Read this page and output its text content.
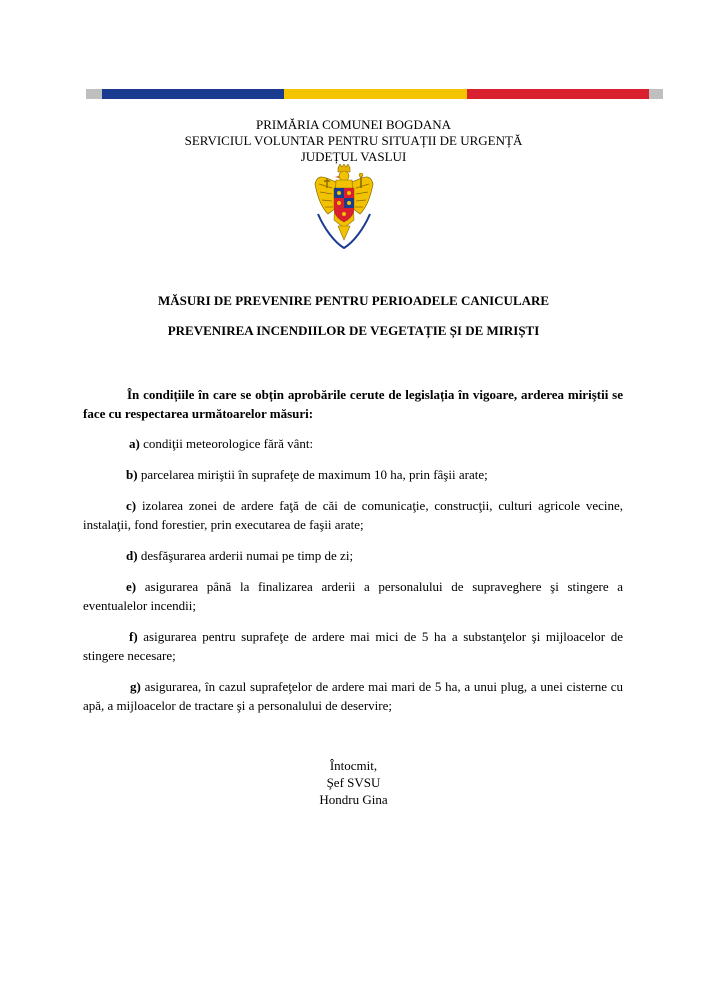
PRIMĂRIA COMUNEI BOGDANA
SERVICIUL VOLUNTAR PENTRU SITUAȚII DE URGENȚĂ
JUDEȚUL VASLUI
MĂSURI DE PREVENIRE PENTRU PERIOADELE CANICULARE
PREVENIREA INCENDIILOR DE VEGETAȚIE ȘI DE MIRIȘTI
În condițiile în care se obțin aprobările cerute de legislația în vigoare, arderea miriştii se face cu respectarea următoarelor măsuri:
a) condiţii meteorologice fără vânt:
b) parcelarea miriştii în suprafeţe de maximum 10 ha, prin fâşii arate;
c) izolarea zonei de ardere faţă de căi de comunicaţie, construcţii, culturi agricole vecine, instalaţii, fond forestier, prin executarea de faşii arate;
d) desfăşurarea arderii numai pe timp de zi;
e) asigurarea până la finalizarea arderii a personalului de supraveghere şi stingere a eventualelor incendii;
f) asigurarea pentru suprafeţe de ardere mai mici de 5 ha a substanţelor şi mijloacelor de stingere necesare;
g) asigurarea, în cazul suprafeţelor de ardere mai mari de 5 ha, a unui plug, a unei cisterne cu apă, a mijloacelor de tractare şi a personalului de deservire;
Întocmit,
Şef SVSU
Hondru Gina
